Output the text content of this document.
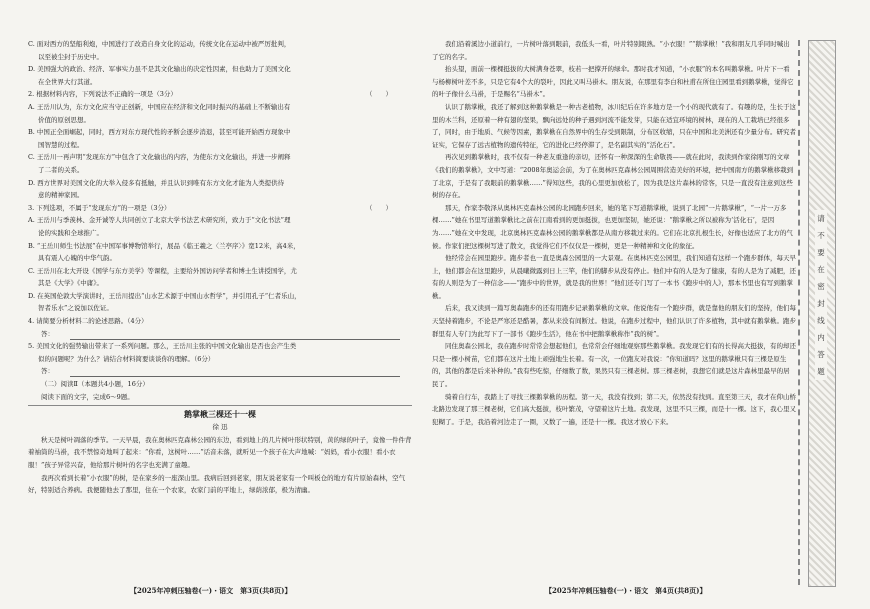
C. 面对西方的坚船利炮，中国进行了改造自身文化的运动，传统文化在运动中被严厉批判，
以至被尘封于历史中。
D. 美国强大的政治、经济、军事实力虽不是其文化输出的决定性因素，但也助力了美国文化
在全世界大行其道。
2. 根据材料内容，下列说法不正确的一项是（3分）	（　　）
A. 王岳川认为，东方文化应当守正创新，中国应在经济和文化同时振兴的基础上不断输出有
价值的原创思想。
B. 中国正全面崛起，同时，西方对东方现代性的矛断会逐步消退，甚至可能开始西方现象中
国智慧的过程。
C. 王岳川一再声明“发现东方”中包含了文化输出的内容，为使东方文化输出，并进一步阐释
了二者的关系。
D. 西方世界对美国文化的大举入侵多有抵触，并且认识到唯有东方文化才能为人类提供待
意的精神家园。
3. 下列选项，不属于“发现东方”的一项是（3分）	（　　）
A. 王岳川与季羡林、金开诚等人共同创立了北京大学书法艺术研究所，致力于“文化书法”理
论的实践和全球推广。
B. “王岳川师生书法展”在中国军事博物馆举行，展品《临王羲之〈兰亭序〉》宽12米，高4米，
具有震人心魄的中华气韵。
C. 王岳川在北大开设《国学与东方美学》等课程，主要给外国访问学者和博士生讲授国学，尤
其是《大学》《中庸》。
D. 在英国伦敦大学演讲时，王岳川提出“山水艺术源于中国山水哲学”，并引用孔子“仁者乐山，
智者乐水”之说加以佐证。
4. 请简要分析材料二的论述思路。（4分）
答：
5. 美国文化的强势输出带来了一系列问题。那么，王岳川主张的中国文化输出是否也会产生类
似的问题呢？为什么？请结合材料简要谈谈你的理解。（6分）
答：
（二）阅读Ⅱ（本题共4小题，16分）
阅读下面的文字，完成6～9题。

鹅掌楸三棵还十一棵

徐 迅

秋天是树叶凋落的季节。一天早晨，我在奥林匹克森林公园的东边，看到地上的几片树叶形状特别，黄的绿的叶子，竟像一件件背着袖筒的马褂，我不禁惊奇地叫了起来：“你看，这树叶……”话音未落，就听见一个孩子在大声地喊：“妈妈，看小衣服！看小衣服！”孩子异常兴奋，他给那片树叶的名字也充满了童趣。

我再次看到长着“小衣服”的树，是在家乡的一座深山里。我病后回到老家，朋友说老家有一个叫板仓的地方有片原始森林，空气好，特别适合养病。我便随他去了那里，住在一个农家，农家门前的平地上，绿荫浓郁，极为清幽。

我们沿着溪边小道前行，一片树叶落到眼前，我低头一看，叶片特别眼熟。“小衣服！”“鹅掌楸！”我和朋友几乎同时喊出了它的名字。

抬头望，面前一棵棵挺拔的大树满身苍翠，枝若一把撑开的绿伞。那时我才知道，“小衣服”的本名叫鹅掌楸。叶片下一看与杨柳树叶差不多，只是它有4个大的裂叶，因此又叫马褂木。朋友说，在那里有李白和杜甫在所住庄园里看到鹅掌楸，觉得它的叶子像什么马褂，于是赐名“马褂木”。

认识了鹅掌楸，我还了解到这种鹅掌楸是一种古老植物，冰川纪后在许多地方是一个小的现代就有了。有趣的是，生长于这里的木兰科，还原着一种有翅的坚果，飘向远处的种子遇到河流不能发芽，只能在适宜环境的树林，现在的人工栽培已经很多了，同时，由于地质、气候等因素，鹅掌楸在自然界中的生存受到限制，分布区收缩，只在中国和北美洲还有少量分布。研究者证实，它保存了远古植物的遗传特征，它的进化已经停滞了，是名副其实的“活化石”。

再次见到鹅掌楸时，我不仅有一种老友重逢的亲切，还怀有一种深深的生命敬畏——就在此时，我读到作家徐刚写的文章《我们的鹅掌楸》，文中写道：“2008年奥运会前，为了在奥林匹克森林公园周围营造美好的环境，把中国南方的鹅掌楸移栽到了北京，于是有了我眼前的鹅掌楸……”得知这些，我的心里更加放松了，因为我是这片森林的常客，只是一直没有注意到这些树的存在。

那天，作家李敬泽从奥林匹克森林公园的北园跑步回来，她的笔下写道鹅掌楸，说到了北园“一片鹅掌楸”，“一片一万多棵……”她在书里写道鹅掌楸比之前在江南看到的更加挺拔，也更加坚韧，她还说：“鹅掌楸之所以被称为‘活化石’，是因为……”她在文中发现，北京奥林匹克森林公园的鹅掌楸都是从南方移栽过来的。它们在北京扎根生长，好像也适应了北方的气候。作家们把这棵树写进了散文，我觉得它们不仅仅是一棵树，更是一种精神和文化的象征。

他经常会在园里跑步。跑步者也一直是奥森公园里的一大景观。在奥林匹克公园里，我们知道有这样一个跑步群体，每天早上，他们都会在这里跑步，从晨曦微露到日上三竿，他们的脚步从没有停止。他们中有的人是为了健康，有的人是为了减肥，还有的人则是为了一种信念——“跑步中的世界，就是我的世界！”他们还专门写了一本书《跑步中的人》，那本书里也有写到鹅掌楸。

后来，我又读到一篇写奥森跑步的还有用跑步记录鹅掌楸的文章。他说他有一个跑步群，就是靠他的朋友们的坚持，他们每天坚持着跑步，不论是严寒还是酷暑，都从来没有间断过。他说，在跑步过程中，他们认识了许多植物，其中就有鹅掌楸。跑步群里有人专门为此写下了一部书《跑步生活》，他在书中把鹅掌楸称作“我的树”。

同住奥森公园北，我在跑步时常常会想起他们，也常常会仔细地观察那些鹅掌楸。我发现它们有的长得高大挺拔，有的却还只是一棵小树苗，它们都在这片土地上顽强地生长着。有一次，一位跑友对我说：“你知道吗？这里的鹅掌楸只有三棵是原生的，其他的都是后来补种的。”我有些吃惊，仔细数了数，果然只有三棵老树。那三棵老树，我想它们就是这片森林里最早的居民了。

骑着自行车，我踏上了寻找三棵鹅掌楸的历程。第一天，我没有找到；第二天，依然没有找到。直至第三天，我才在仰山桥北路边发现了那三棵老树，它们高大挺拔，枝叶繁茂，守望着这片土地。我发现，这里不只三棵，而是十一棵。这下，我心里又犯糊了。于是，我沿着河边走了一圈，又数了一遍，还是十一棵。我这才放心下来。

【2025年冲刺压轴卷(一)・语文　第3页(共8页)】	【2025年冲刺压轴卷(一)・语文　第4页(共8页)】
请不要在密封线内答题
